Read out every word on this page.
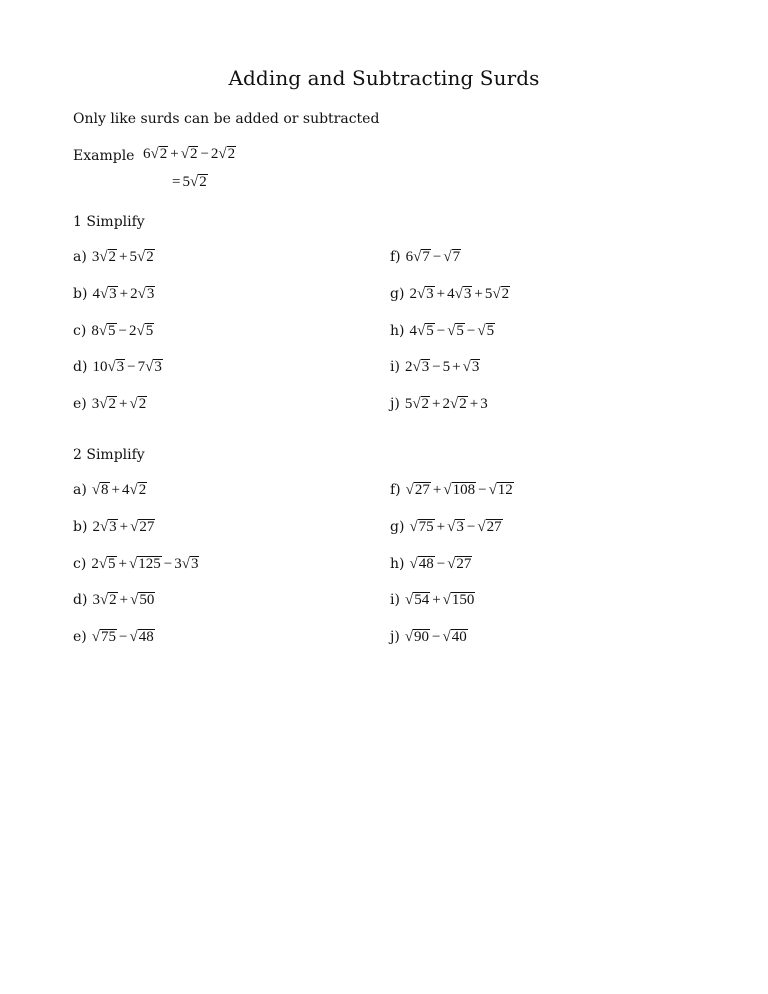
Adding and Subtracting Surds
Only like surds can be added or subtracted
Example 6√2 + √2 − 2√2
= 5√2
1 Simplify
a) 3√2 + 5√2
b) 4√3 + 2√3
c) 8√5 − 2√5
d) 10√3 − 7√3
e) 3√2 + √2
f) 6√7 − √7
g) 2√3 + 4√3 + 5√2
h) 4√5 − √5 − √5
i) 2√3 − 5 + √3
j) 5√2 + 2√2 + 3
2 Simplify
a) √8 + 4√2
b) 2√3 + √27
c) 2√5 + √125 − 3√3
d) 3√2 + √50
e) √75 − √48
f) √27 + √108 − √12
g) √75 + √3 − √27
h) √48 − √27
i) √54 + √150
j) √90 − √40
